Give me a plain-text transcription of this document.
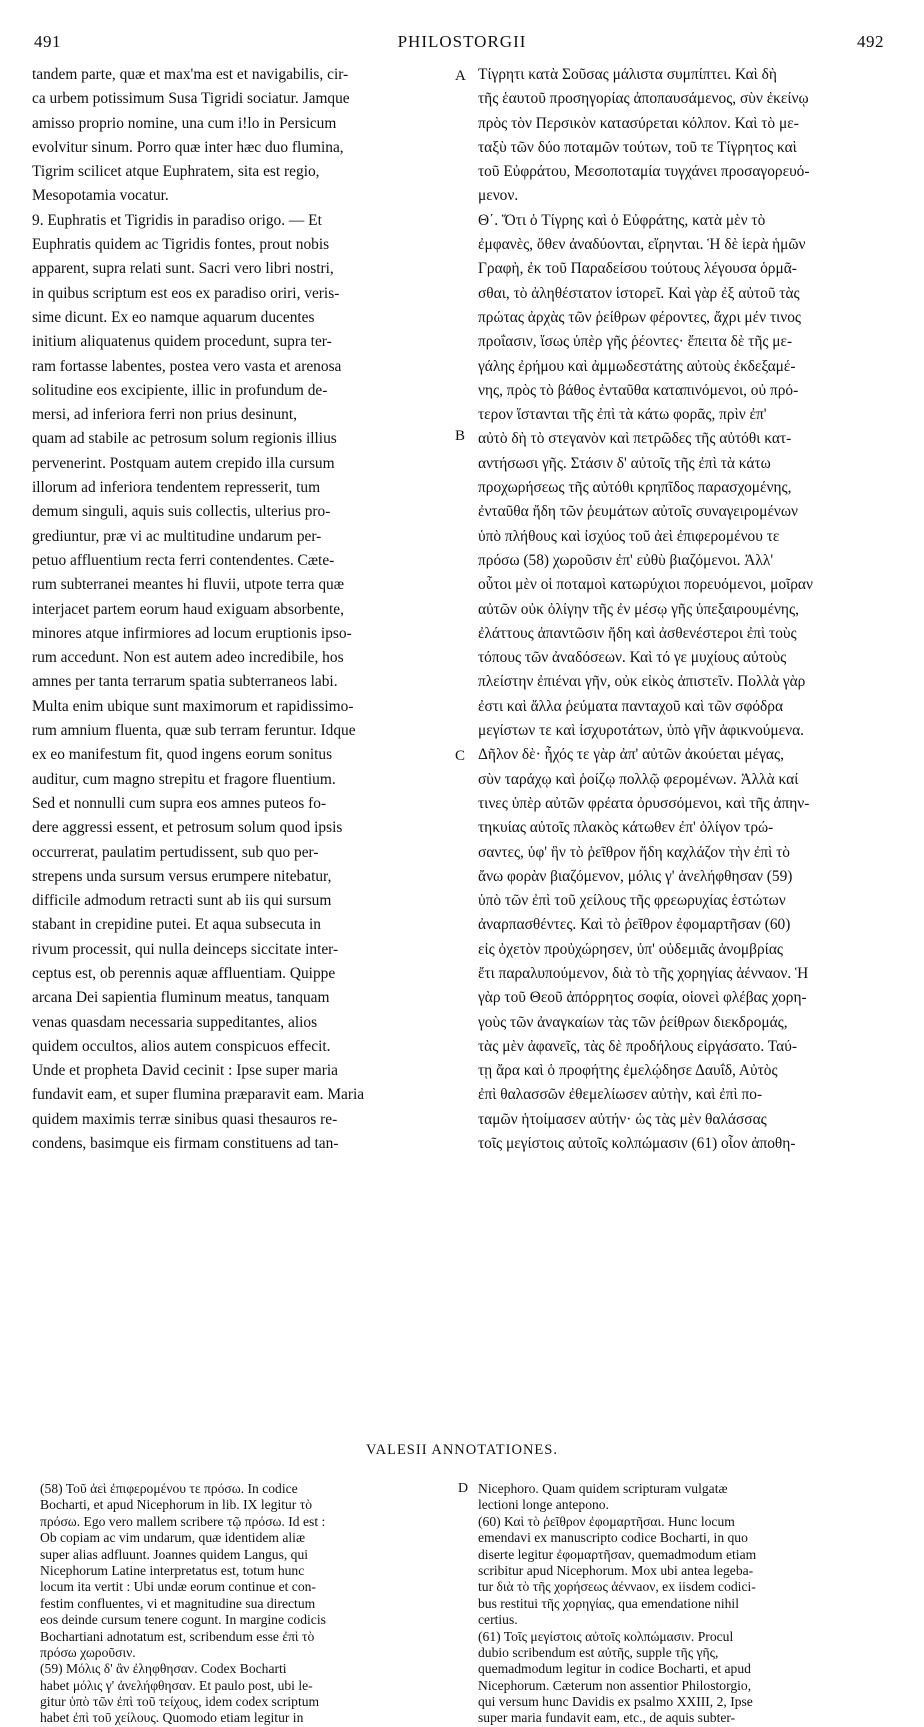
491	PHILOSTORGII	492
tandem parte, quæ et max'ma est et navigabilis, cir-
ca urbem potissimum Susa Tigridi sociatur. Jamque
amisso proprio nomine, una cum i!lo in Persicum
evolvitur sinum. Porro quæ inter hæc duo flumina,
Tigrim scilicet atque Euphratem, sita est regio,
Mesopotamia vocatur.
9. Euphratis et Tigridis in paradiso origo. — Et
Euphratis quidem ac Tigridis fontes, prout nobis
apparent, supra relati sunt. Sacri vero libri nostri,
in quibus scriptum est eos ex paradiso oriri, veris-
sime dicunt. Ex eo namque aquarum ducentes
initium aliquatenus quidem procedunt, supra ter-
ram fortasse labentes, postea vero vasta et arenosa
solitudine eos excipiente, illic in profundum de-
mersi, ad inferiora ferri non prius desinunt,
quam ad stabile ac petrosum solum regionis illius
pervenerint. Postquam autem crepido illa cursum
illorum ad inferiora tendentem represserit, tum
demum singuli, aquis suis collectis, ulterius pro-
grediuntur, præ vi ac multitudine undarum per-
petuo affluentium recta ferri contendentes. Cæte-
rum subterranei meantes hi fluvii, utpote terra quæ
interjacet partem eorum haud exiguam absorbente,
minores atque infirmiores ad locum eruptionis ipso-
rum accedunt. Non est autem adeo incredibile, hos
amnes per tanta terrarum spatia subterraneos labi.
Multa enim ubique sunt maximorum et rapidissimo-
rum amnium fluenta, quæ sub terram feruntur. Idque
ex eo manifestum fit, quod ingens eorum sonitus
auditur, cum magno strepitu et fragore fluentium.
Sed et nonnulli cum supra eos amnes puteos fo-
dere aggressi essent, et petrosum solum quod ipsis
occurrerat, paulatim pertudissent, sub quo per-
strepens unda sursum versus erumpere nitebatur,
difficile admodum retracti sunt ab iis qui sursum
stabant in crepidine putei. Et aqua subsecuta in
rivum processit, qui nulla deinceps siccitate inter-
ceptus est, ob perennis aquæ affluentiam. Quippe
arcana Dei sapientia fluminum meatus, tanquam
venas quasdam necessaria suppeditantes, alios
quidem occultos, alios autem conspicuos effecit.
Unde et propheta David cecinit : Ipse super maria
fundavit eam, et super flumina præparavit eam. Maria
quidem maximis terræ sinibus quasi thesauros re-
condens, basimque eis firmam constituens ad tan-
Τίγρητι κατὰ Σοῦσας μάλιστα συμπίπτει. Καὶ δὴ
τῆς ἑαυτοῦ προσηγορίας ἀποπαυσάμενος, σὺν ἐκείνῳ
πρὸς τὸν Περσικὸν κατασύρεται κόλπον. Καὶ τὸ με-
ταξὺ τῶν δύο ποταμῶν τούτων, τοῦ τε Τίγρητος καὶ
τοῦ Εὐφράτου, Μεσοποταμία τυγχάνει προσαγορευό-
μενον.
Θ΄. Ὅτι ὁ Τίγρης καὶ ὁ Εὐφράτης, κατὰ μὲν τὸ
ἐμφανὲς, ὅθεν ἀναδύονται, εἴρηνται. Ἡ δὲ ἱερὰ ἡμῶν
Γραφὴ, ἐκ τοῦ Παραδείσου τούτους λέγουσα ὁρμᾶ-
σθαι, τὸ ἀληθέστατον ἱστορεῖ. Καὶ γὰρ ἐξ αὐτοῦ τὰς
πρώτας ἀρχὰς τῶν ῥείθρων φέροντες, ἄχρι μέν τινος
προΐασιν, ἴσως ὑπὲρ γῆς ῥέοντες· ἔπειτα δὲ τῆς με-
γάλης ἐρήμου καὶ ἀμμωδεστάτης αὐτοὺς ἐκδεξαμέ-
νης, πρὸς τὸ βάθος ἐνταῦθα καταπινόμενοι, οὐ πρό-
τερον ἵστανται τῆς ἐπὶ τὰ κάτω φορᾶς, πρὶν ἐπ'
αὐτὸ δὴ τὸ στεγανὸν καὶ πετρῶδες τῆς αὐτόθι κατ-
αντήσωσι γῆς. Στάσιν δ' αὐτοῖς τῆς ἐπὶ τὰ κάτω
προχωρήσεως τῆς αὐτόθι κρηπῖδος παρασχομένης,
ἐνταῦθα ἤδη τῶν ῥευμάτων αὐτοῖς συναγειρομένων
ὑπὸ πλήθους καὶ ἰσχύος τοῦ ἀεὶ ἐπιφερομένου τε
πρόσω (58) χωροῦσιν ἐπ' εὐθὺ βιαζόμενοι. Ἀλλ'
οὗτοι μὲν οἱ ποταμοὶ κατωρύχιοι πορευόμενοι, μοῖραν
αὐτῶν οὐκ ὀλίγην τῆς ἐν μέσῳ γῆς ὑπεξαιρουμένης,
ἐλάττους ἀπαντῶσιν ἤδη καὶ ἀσθενέστεροι ἐπὶ τοὺς
τόπους τῶν ἀναδόσεων. Καὶ τό γε μυχίους αὐτοὺς
πλείστην ἐπιέναι γῆν, οὐκ εἰκὸς ἀπιστεῖν. Πολλὰ γὰρ
ἐστι καὶ ἄλλα ῥεύματα πανταχοῦ καὶ τῶν σφόδρα
μεγίστων τε καὶ ἰσχυροτάτων, ὑπὸ γῆν ἀφικνούμενα.
Δῆλον δὲ· ἦχός τε γὰρ ἀπ' αὐτῶν ἀκούεται μέγας,
σὺν ταράχῳ καὶ ῥοίζῳ πολλῷ φερομένων. Ἀλλὰ καί
τινες ὑπὲρ αὐτῶν φρέατα ὀρυσσόμενοι, καὶ τῆς ἀπην-
τηκυίας αὐτοῖς πλακὸς κάτωθεν ἐπ' ὀλίγον τρώ-
σαντες, ὑφ' ἣν τὸ ῥεῖθρον ἤδη καχλάζον τὴν ἐπὶ τὸ
ἄνω φορὰν βιαζόμενον, μόλις γ' ἀνελήφθησαν (59)
ὑπὸ τῶν ἐπὶ τοῦ χείλους τῆς φρεωρυχίας ἑστώτων
ἀναρπασθέντες. Καὶ τὸ ῥεῖθρον ἐφομαρτῆσαν (60)
εἰς ὀχετὸν προὐχώρησεν, ὑπ' οὐδεμιᾶς ἀνομβρίας
ἔτι παραλυπούμενον, διὰ τὸ τῆς χορηγίας ἀένναον. Ἡ
γὰρ τοῦ Θεοῦ ἀπόρρητος σοφία, οἱονεὶ φλέβας χορη-
γοὺς τῶν ἀναγκαίων τὰς τῶν ῥείθρων διεκδρομάς,
τὰς μὲν ἀφανεῖς, τὰς δὲ προδήλους εἰργάσατο. Ταύ-
τῃ ἄρα καὶ ὁ προφήτης ἐμελῴδησε Δαυΐδ, Αὐτὸς
ἐπὶ θαλασσῶν ἐθεμελίωσεν αὐτὴν, καὶ ἐπὶ πο-
ταμῶν ἡτοίμασεν αὐτήν· ὡς τὰς μὲν θαλάσσας
τοῖς μεγίστοις αὐτοῖς κολπώμασιν (61) οἷον ἀποθη-
A
B
C
D
VALESII ANNOTATIONES.
(58) Τοῦ ἀεὶ ἐπιφερομένου τε πρόσω. In codice
Bocharti, et apud Nicephorum in lib. IX legitur τὸ
πρόσω. Ego vero mallem scribere τῷ πρόσω. Id est :
Ob copiam ac vim undarum, quæ identidem aliæ
super alias adfluunt. Joannes quidem Langus, qui
Nicephorum Latine interpretatus est, totum hunc
locum ita vertit : Ubi undæ eorum continue et con-
festim confluentes, vi et magnitudine sua directum
eos deinde cursum tenere cogunt. In margine codicis
Bochartiani adnotatum est, scribendum esse ἐπὶ τὸ
πρόσω χωροῦσιν.
(59) Μόλις δ' ἂν ἐληφθησαν. Codex Bocharti
habet μόλις γ' ἀνελήφθησαν. Et paulo post, ubi le-
gitur ὑπὸ τῶν ἐπὶ τοῦ τείχους, idem codex scriptum
habet ἐπὶ τοῦ χείλους. Quomodo etiam legitur in
Nicephoro. Quam quidem scripturam vulgatæ
lectioni longe antepono.
(60) Καὶ τὸ ῥεῖθρον ἐφομαρτῆσαι. Hunc locum
emendavi ex manuscripto codice Bocharti, in quo
diserte legitur ἐφομαρτῆσαν, quemadmodum etiam
scribitur apud Nicephorum. Mox ubi antea legeba-
tur διὰ τὸ τῆς χορήσεως ἀέννaον, ex iisdem codici-
bus restitui τῆς χορηγίας, qua emendatione nihil
certius.
(61) Τοῖς μεγίστοις αὐτοῖς κολπώμασιν. Procul
dubio scribendum est αὐτῆς, supple τῆς γῆς,
quemadmodum legitur in codice Bocharti, et apud
Nicephorum. Cæterum non assentior Philostorgio,
qui versum hunc Davidis ex psalmo XXIII, 2, Ipse
super maria fundavit eam, etc., de aquis subter-
